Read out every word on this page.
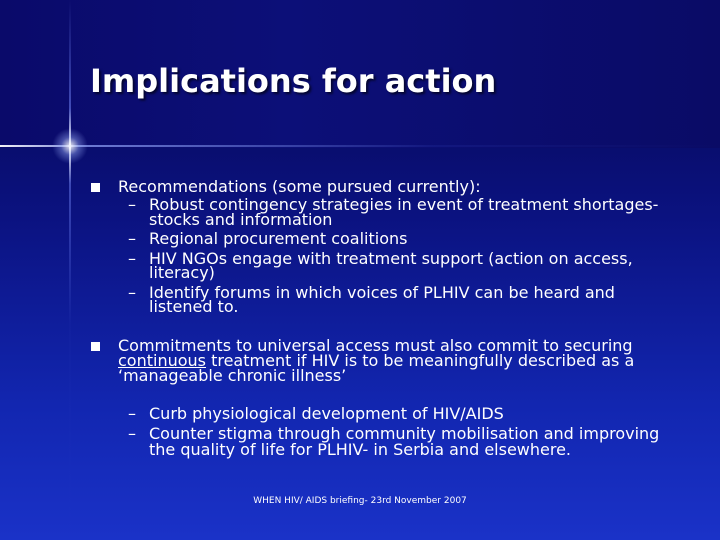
Implications for action
Recommendations (some pursued currently):
– Robust contingency strategies in event of treatment shortages-
stocks and information
– Regional procurement coalitions
– HIV NGOs engage with treatment support (action on access,
literacy)
– Identify forums in which voices of PLHIV can be heard and
listened to.
Commitments to universal access must also commit to securing
continuous treatment if HIV is to be meaningfully described as a
‘manageable chronic illness’
– Curb physiological development of HIV/AIDS
– Counter stigma through community mobilisation and improving
the quality of life for PLHIV- in Serbia and elsewhere.
WHEN HIV/ AIDS briefing- 23rd November 2007
